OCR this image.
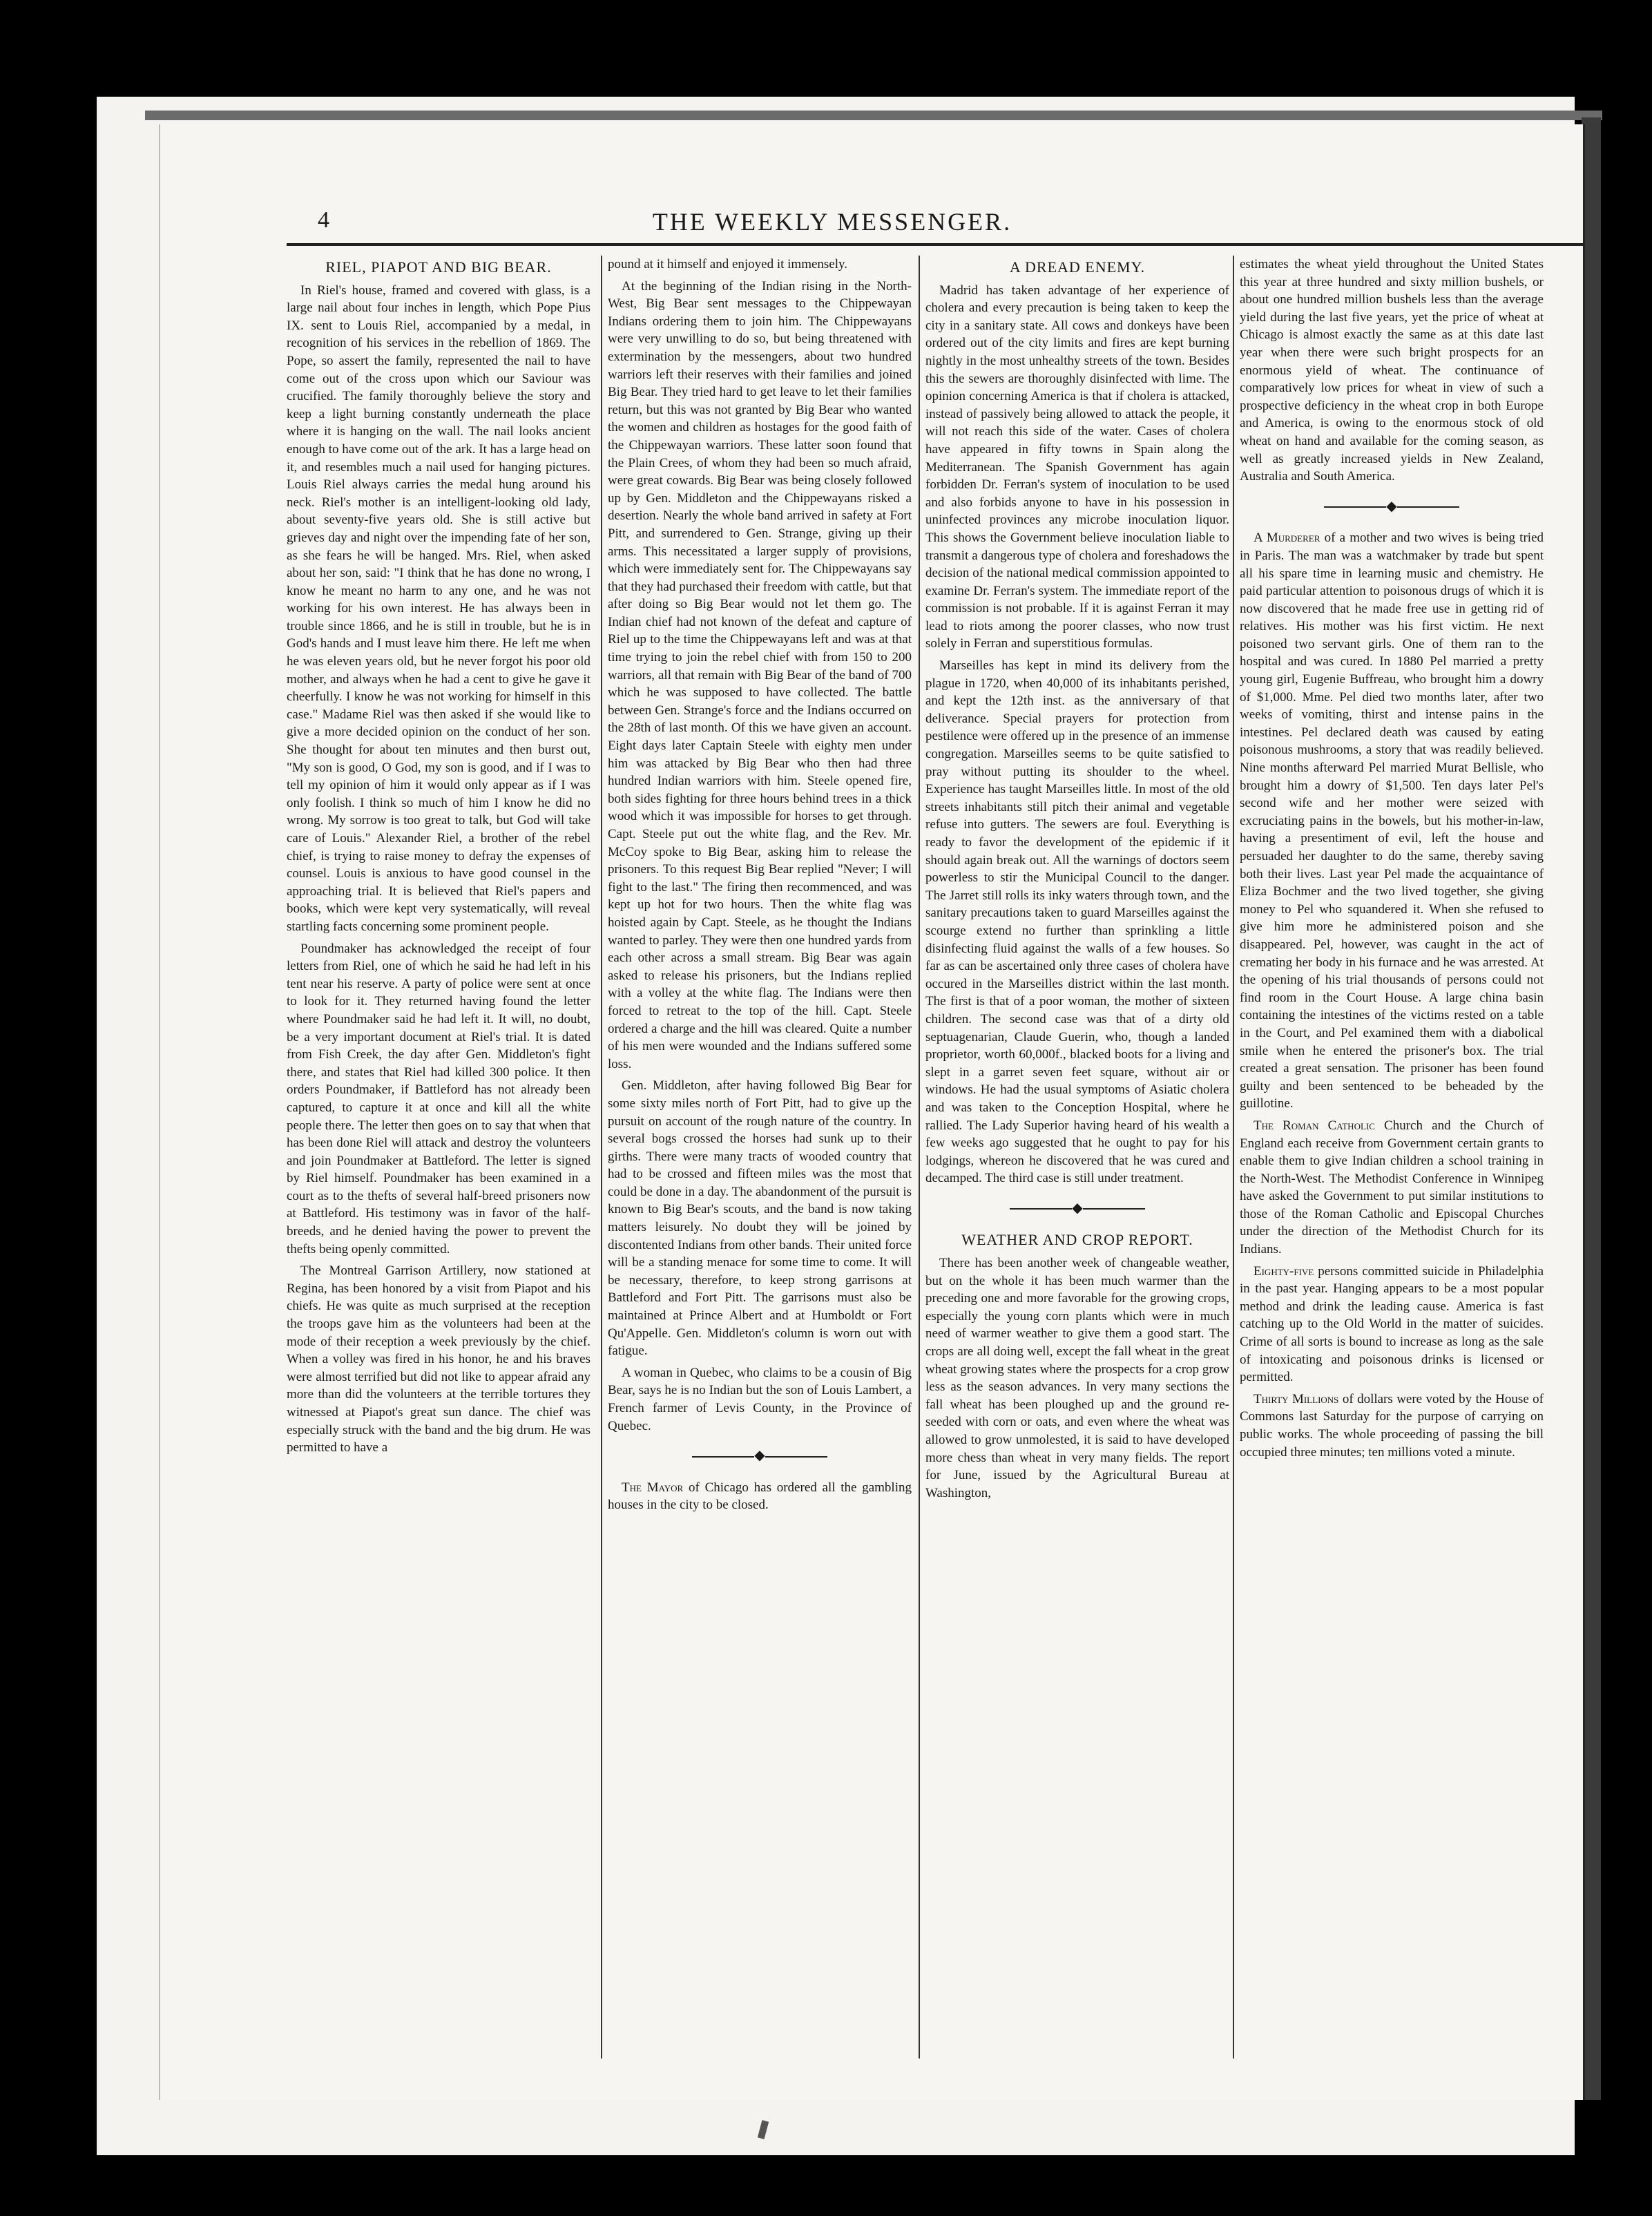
4	THE WEEKLY MESSENGER.
RIEL, PIAPOT AND BIG BEAR.

In Riel's house, framed and covered with glass, is a large nail about four inches in length, which Pope Pius IX. sent to Louis Riel, accompanied by a medal, in recognition of his services in the rebellion of 1869. The Pope, so assert the family, represented the nail to have come out of the cross upon which our Saviour was crucified. The family thoroughly believe the story and keep a light burning constantly underneath the place where it is hanging on the wall. The nail looks ancient enough to have come out of the ark. It has a large head on it, and resembles much a nail used for hanging pictures. Louis Riel always carries the medal hung around his neck. Riel's mother is an intelligent-looking old lady, about seventy-five years old. She is still active but grieves day and night over the impending fate of her son, as she fears he will be hanged. Mrs. Riel, when asked about her son, said: "I think that he has done no wrong, I know he meant no harm to any one, and he was not working for his own interest. He has always been in trouble since 1866, and he is still in trouble, but he is in God's hands and I must leave him there. He left me when he was eleven years old, but he never forgot his poor old mother, and always when he had a cent to give he gave it cheerfully. I know he was not working for himself in this case." Madame Riel was then asked if she would like to give a more decided opinion on the conduct of her son. She thought for about ten minutes and then burst out, "My son is good, O God, my son is good, and if I was to tell my opinion of him it would only appear as if I was only foolish. I think so much of him I know he did no wrong. My sorrow is too great to talk, but God will take care of Louis." Alexander Riel, a brother of the rebel chief, is trying to raise money to defray the expenses of counsel. Louis is anxious to have good counsel in the approaching trial. It is believed that Riel's papers and books, which were kept very systematically, will reveal startling facts concerning some prominent people.

Poundmaker has acknowledged the receipt of four letters from Riel, one of which he said he had left in his tent near his reserve. A party of police were sent at once to look for it. They returned having found the letter where Poundmaker said he had left it. It will, no doubt, be a very important document at Riel's trial. It is dated from Fish Creek, the day after Gen. Middleton's fight there, and states that Riel had killed 300 police. It then orders Poundmaker, if Battleford has not already been captured, to capture it at once and kill all the white people there. The letter then goes on to say that when that has been done Riel will attack and destroy the volunteers and join Poundmaker at Battleford. The letter is signed by Riel himself. Poundmaker has been examined in a court as to the thefts of several half-breed prisoners now at Battleford. His testimony was in favor of the half-breeds, and he denied having the power to prevent the thefts being openly committed.

The Montreal Garrison Artillery, now stationed at Regina, has been honored by a visit from Piapot and his chiefs. He was quite as much surprised at the reception the troops gave him as the volunteers had been at the mode of their reception a week previously by the chief. When a volley was fired in his honor, he and his braves were almost terrified but did not like to appear afraid any more than did the volunteers at the terrible tortures they witnessed at Piapot's great sun dance. The chief was especially struck with the band and the big drum. He was permitted to have a

pound at it himself and enjoyed it immensely.

At the beginning of the Indian rising in the North-West, Big Bear sent messages to the Chippewayan Indians ordering them to join him. The Chippewayans were very unwilling to do so, but being threatened with extermination by the messengers, about two hundred warriors left their reserves with their families and joined Big Bear. They tried hard to get leave to let their families return, but this was not granted by Big Bear who wanted the women and children as hostages for the good faith of the Chippewayan warriors. These latter soon found that the Plain Crees, of whom they had been so much afraid, were great cowards. Big Bear was being closely followed up by Gen. Middleton and the Chippewayans risked a desertion. Nearly the whole band arrived in safety at Fort Pitt, and surrendered to Gen. Strange, giving up their arms. This necessitated a larger supply of provisions, which were immediately sent for. The Chippewayans say that they had purchased their freedom with cattle, but that after doing so Big Bear would not let them go. The Indian chief had not known of the defeat and capture of Riel up to the time the Chippewayans left and was at that time trying to join the rebel chief with from 150 to 200 warriors, all that remain with Big Bear of the band of 700 which he was supposed to have collected. The battle between Gen. Strange's force and the Indians occurred on the 28th of last month. Of this we have given an account. Eight days later Captain Steele with eighty men under him was attacked by Big Bear who then had three hundred Indian warriors with him. Steele opened fire, both sides fighting for three hours behind trees in a thick wood which it was impossible for horses to get through. Capt. Steele put out the white flag, and the Rev. Mr. McCoy spoke to Big Bear, asking him to release the prisoners. To this request Big Bear replied "Never; I will fight to the last." The firing then recommenced, and was kept up hot for two hours. Then the white flag was hoisted again by Capt. Steele, as he thought the Indians wanted to parley. They were then one hundred yards from each other across a small stream. Big Bear was again asked to release his prisoners, but the Indians replied with a volley at the white flag. The Indians were then forced to retreat to the top of the hill. Capt. Steele ordered a charge and the hill was cleared. Quite a number of his men were wounded and the Indians suffered some loss.

Gen. Middleton, after having followed Big Bear for some sixty miles north of Fort Pitt, had to give up the pursuit on account of the rough nature of the country. In several bogs crossed the horses had sunk up to their girths. There were many tracts of wooded country that had to be crossed and fifteen miles was the most that could be done in a day. The abandonment of the pursuit is known to Big Bear's scouts, and the band is now taking matters leisurely. No doubt they will be joined by discontented Indians from other bands. Their united force will be a standing menace for some time to come. It will be necessary, therefore, to keep strong garrisons at Battleford and Fort Pitt. The garrisons must also be maintained at Prince Albert and at Humboldt or Fort Qu'Appelle. Gen. Middleton's column is worn out with fatigue.

A woman in Quebec, who claims to be a cousin of Big Bear, says he is no Indian but the son of Louis Lambert, a French farmer of Levis County, in the Province of Quebec.

◆

The Mayor of Chicago has ordered all the gambling houses in the city to be closed.

A DREAD ENEMY.

Madrid has taken advantage of her experience of cholera and every precaution is being taken to keep the city in a sanitary state. All cows and donkeys have been ordered out of the city limits and fires are kept burning nightly in the most unhealthy streets of the town. Besides this the sewers are thoroughly disinfected with lime. The opinion concerning America is that if cholera is attacked, instead of passively being allowed to attack the people, it will not reach this side of the water. Cases of cholera have appeared in fifty towns in Spain along the Mediterranean. The Spanish Government has again forbidden Dr. Ferran's system of inoculation to be used and also forbids anyone to have in his possession in uninfected provinces any microbe inoculation liquor. This shows the Government believe inoculation liable to transmit a dangerous type of cholera and foreshadows the decision of the national medical commission appointed to examine Dr. Ferran's system. The immediate report of the commission is not probable. If it is against Ferran it may lead to riots among the poorer classes, who now trust solely in Ferran and superstitious formulas.

Marseilles has kept in mind its delivery from the plague in 1720, when 40,000 of its inhabitants perished, and kept the 12th inst. as the anniversary of that deliverance. Special prayers for protection from pestilence were offered up in the presence of an immense congregation. Marseilles seems to be quite satisfied to pray without putting its shoulder to the wheel. Experience has taught Marseilles little. In most of the old streets inhabitants still pitch their animal and vegetable refuse into gutters. The sewers are foul. Everything is ready to favor the development of the epidemic if it should again break out. All the warnings of doctors seem powerless to stir the Municipal Council to the danger. The Jarret still rolls its inky waters through town, and the sanitary precautions taken to guard Marseilles against the scourge extend no further than sprinkling a little disinfecting fluid against the walls of a few houses. So far as can be ascertained only three cases of cholera have occured in the Marseilles district within the last month. The first is that of a poor woman, the mother of sixteen children. The second case was that of a dirty old septuagenarian, Claude Guerin, who, though a landed proprietor, worth 60,000f., blacked boots for a living and slept in a garret seven feet square, without air or windows. He had the usual symptoms of Asiatic cholera and was taken to the Conception Hospital, where he rallied. The Lady Superior having heard of his wealth a few weeks ago suggested that he ought to pay for his lodgings, whereon he discovered that he was cured and decamped. The third case is still under treatment.

◆
WEATHER AND CROP REPORT.

There has been another week of changeable weather, but on the whole it has been much warmer than the preceding one and more favorable for the growing crops, especially the young corn plants which were in much need of warmer weather to give them a good start. The crops are all doing well, except the fall wheat in the great wheat growing states where the prospects for a crop grow less as the season advances. In very many sections the fall wheat has been ploughed up and the ground re-seeded with corn or oats, and even where the wheat was allowed to grow unmolested, it is said to have developed more chess than wheat in very many fields. The report for June, issued by the Agricultural Bureau at Washington,

estimates the wheat yield throughout the United States this year at three hundred and sixty million bushels, or about one hundred million bushels less than the average yield during the last five years, yet the price of wheat at Chicago is almost exactly the same as at this date last year when there were such bright prospects for an enormous yield of wheat. The continuance of comparatively low prices for wheat in view of such a prospective deficiency in the wheat crop in both Europe and America, is owing to the enormous stock of old wheat on hand and available for the coming season, as well as greatly increased yields in New Zealand, Australia and South America.

◆

A Murderer of a mother and two wives is being tried in Paris. The man was a watchmaker by trade but spent all his spare time in learning music and chemistry. He paid particular attention to poisonous drugs of which it is now discovered that he made free use in getting rid of relatives. His mother was his first victim. He next poisoned two servant girls. One of them ran to the hospital and was cured. In 1880 Pel married a pretty young girl, Eugenie Buffreau, who brought him a dowry of $1,000. Mme. Pel died two months later, after two weeks of vomiting, thirst and intense pains in the intestines. Pel declared death was caused by eating poisonous mushrooms, a story that was readily believed. Nine months afterward Pel married Murat Bellisle, who brought him a dowry of $1,500. Ten days later Pel's second wife and her mother were seized with excruciating pains in the bowels, but his mother-in-law, having a presentiment of evil, left the house and persuaded her daughter to do the same, thereby saving both their lives. Last year Pel made the acquaintance of Eliza Bochmer and the two lived together, she giving money to Pel who squandered it. When she refused to give him more he administered poison and she disappeared. Pel, however, was caught in the act of cremating her body in his furnace and he was arrested. At the opening of his trial thousands of persons could not find room in the Court House. A large china basin containing the intestines of the victims rested on a table in the Court, and Pel examined them with a diabolical smile when he entered the prisoner's box. The trial created a great sensation. The prisoner has been found guilty and been sentenced to be beheaded by the guillotine.

The Roman Catholic Church and the Church of England each receive from Government certain grants to enable them to give Indian children a school training in the North-West. The Methodist Conference in Winnipeg have asked the Government to put similar institutions to those of the Roman Catholic and Episcopal Churches under the direction of the Methodist Church for its Indians.

Eighty-five persons committed suicide in Philadelphia in the past year. Hanging appears to be a most popular method and drink the leading cause. America is fast catching up to the Old World in the matter of suicides. Crime of all sorts is bound to increase as long as the sale of intoxicating and poisonous drinks is licensed or permitted.

Thirty Millions of dollars were voted by the House of Commons last Saturday for the purpose of carrying on public works. The whole proceeding of passing the bill occupied three minutes; ten millions voted a minute.
